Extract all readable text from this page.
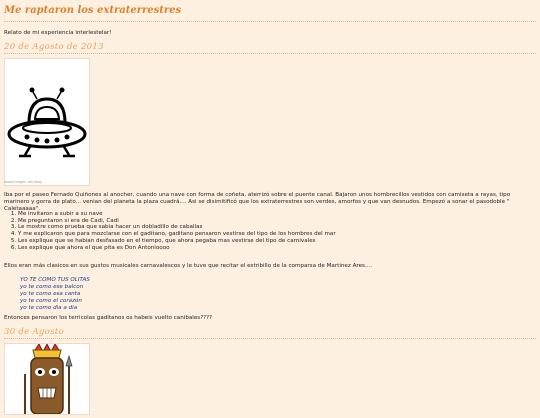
Me raptaron los extraterrestres
Relato de mi experiencia interlestelar!
20 de Agosto de 2013
www.imagen del blog
Iba por el paseo Fernado Quiñones al anocher, cuando una nave con forma de coñeta, aterrizó sobre el puente canal. Bajaron unos hombrecillos vestidos con camiseta a rayas, tipo marinero y gorra de plato... venian del planeta la plaza cuadrá.... Asi se disimitificó que los extraterrestres son verdes, amorfos y que van desnudos. Empezó a sonar el pasodoble " Caletaaaaa".
1. Me invitaron a subir a su nave
2. Me preguntaron si era de Cadi, Cadi
3. Le mostre como prueba que sabia hacer un dobladillo de caballas
4. Y me explicaron que para mozclarse con el gaditano, gaditano pensaron vestirse del tipo de los hombres del mar
5. Les explique que se habian desfasado en el tiempo, que ahora pegaba mas vestirse del tipo de carnivales
6. Les explique que ahora el que pita es Don Antonioooo
Ellos eran más clasicos en sus gustos musicales carnavalescos y le tuve que recitar el estribillo de la comparsa de Martinez Ares....
YO TE COMO TUS OLITAS
yo te como ese balcon
yo te como esa canta
yo te como el corazón
yo te como dia a dia
Entonces pensaron los terricolas gaditanos os habeis vuelto canibales????
30 de Agosto
